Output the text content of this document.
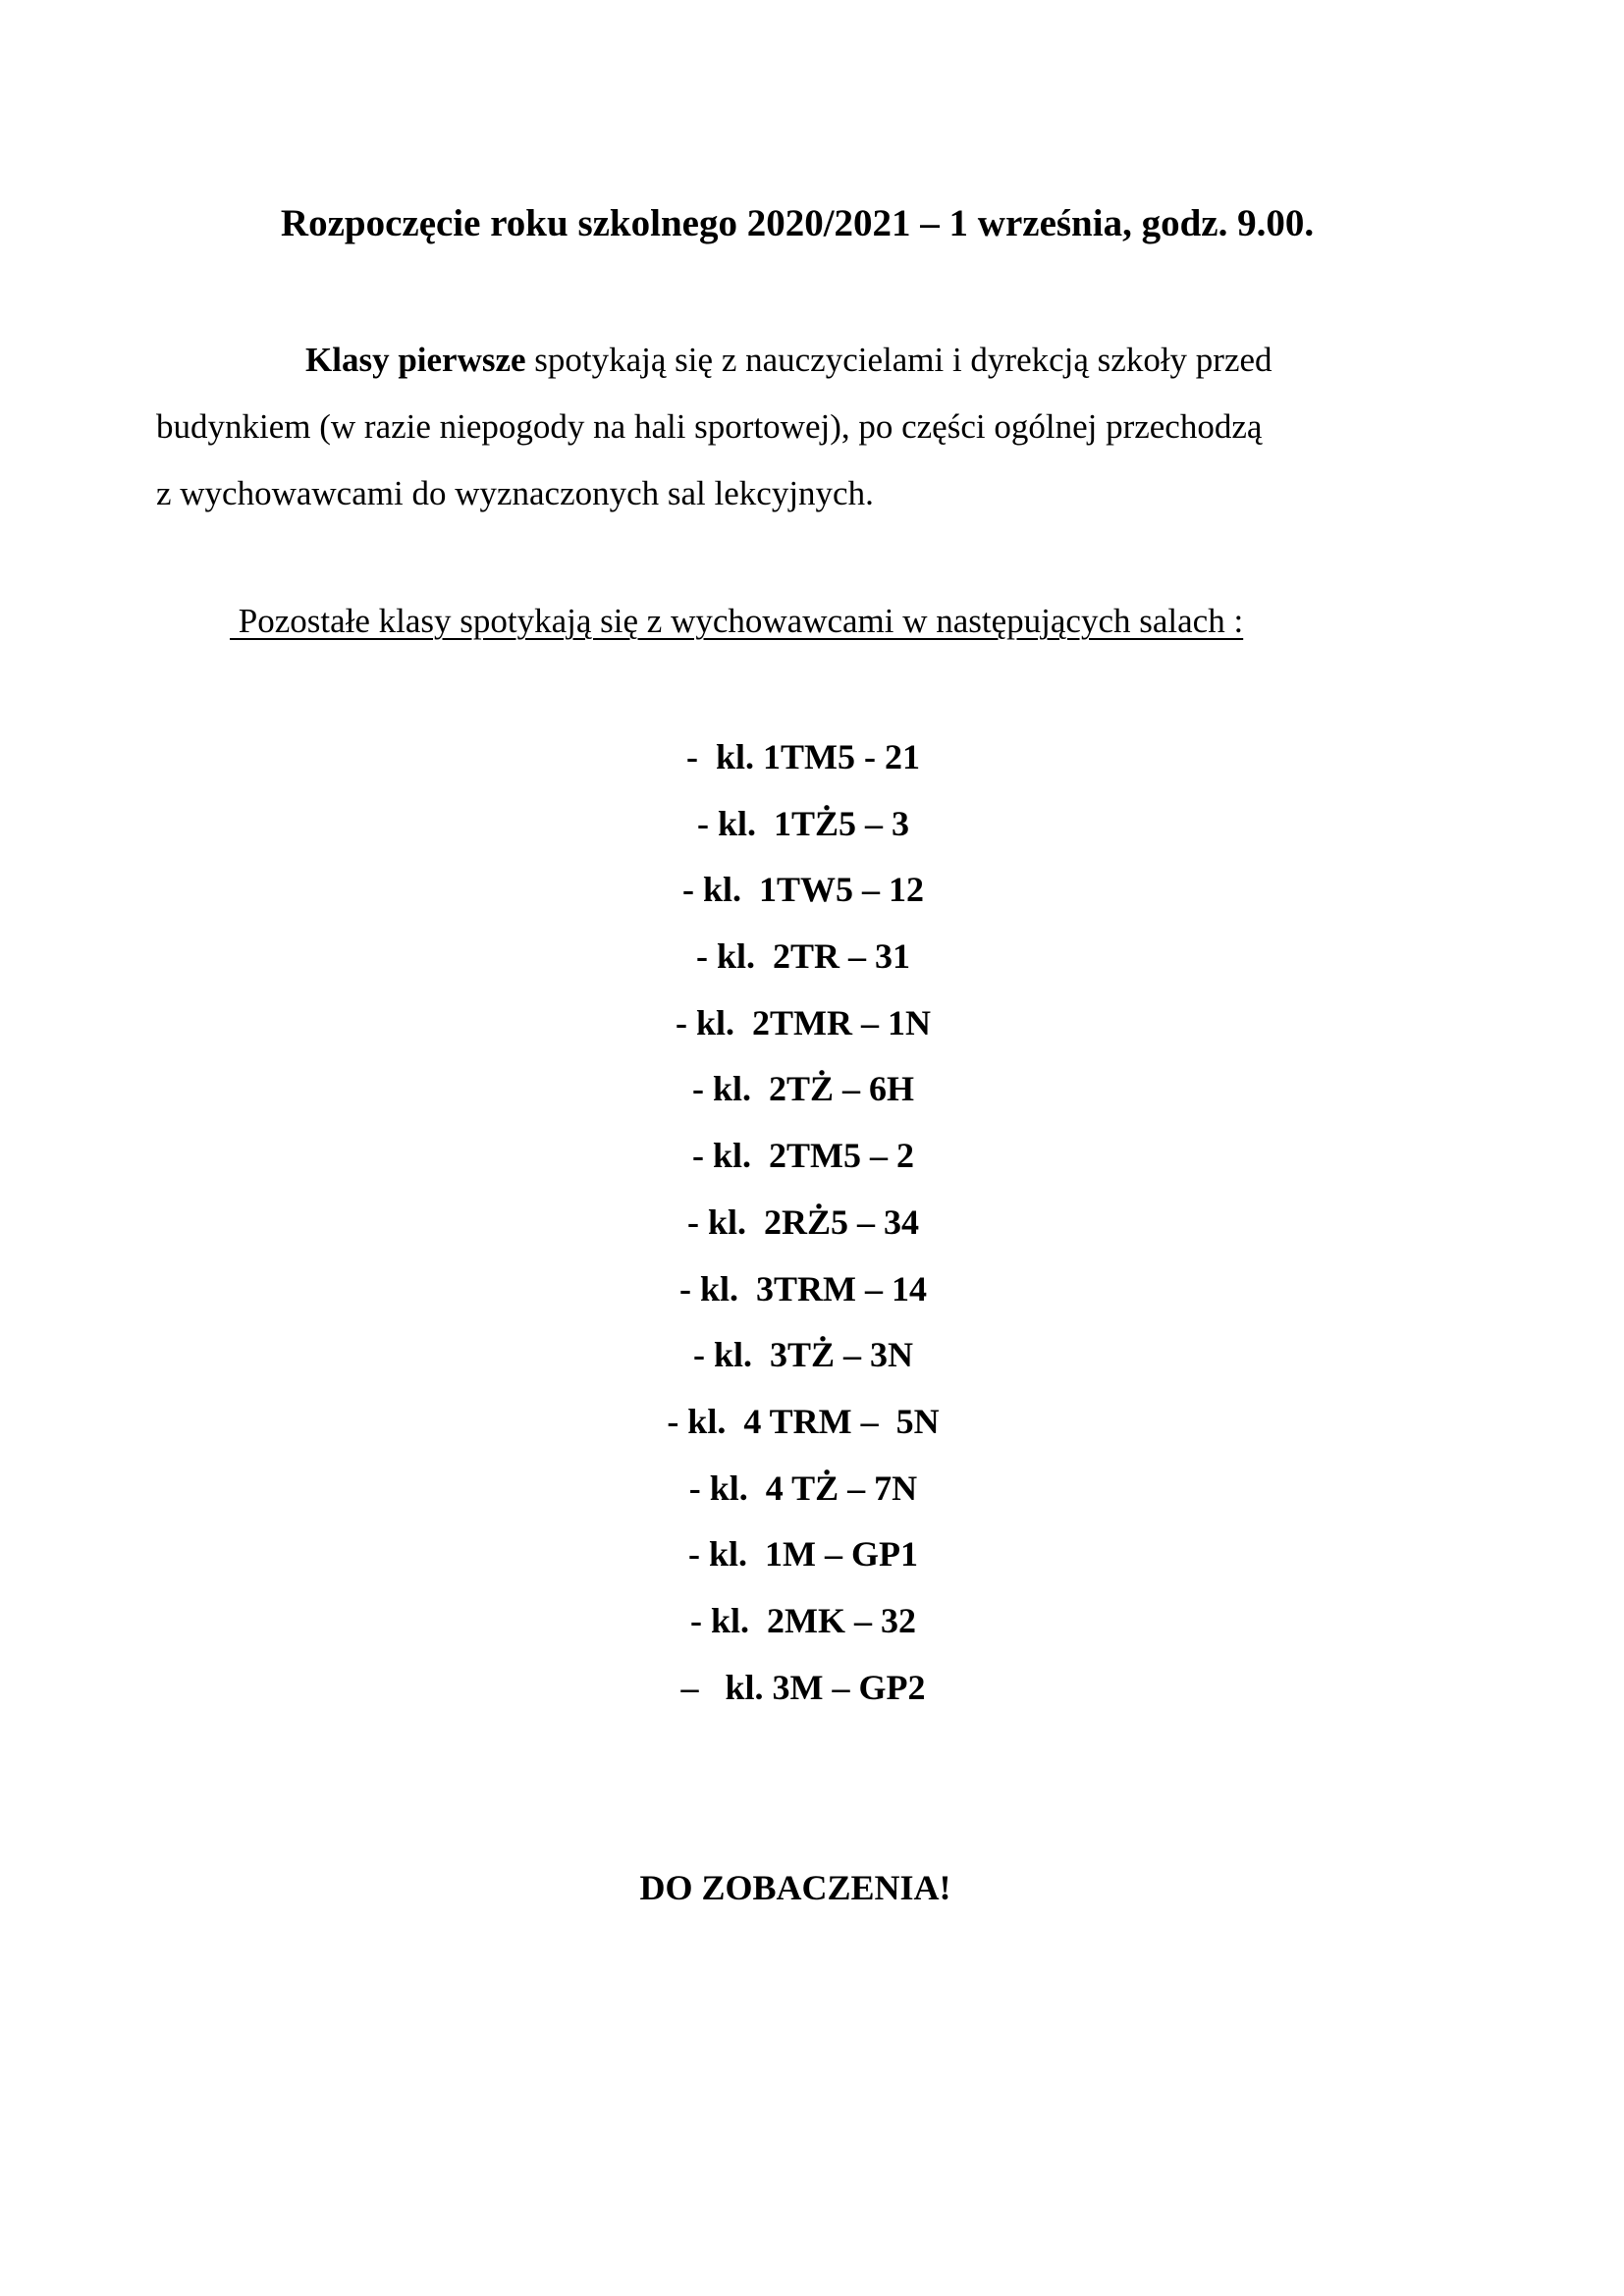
Rozpoczęcie roku szkolnego 2020/2021 – 1 września, godz. 9.00.
Klasy pierwsze spotykają się z nauczycielami i dyrekcją szkoły przed
budynkiem (w razie niepogody na hali sportowej), po części ogólnej przechodzą
z wychowawcami do wyznaczonych sal lekcyjnych.
Pozostałe klasy spotykają się z wychowawcami w następujących salach :
-  kl. 1TM5 - 21
- kl.  1TŻ5 – 3
- kl.  1TW5 – 12
- kl.  2TR – 31
- kl.  2TMR – 1N
- kl.  2TŻ – 6H
- kl.  2TM5 – 2
- kl.  2RŻ5 – 34
- kl.  3TRM – 14
- kl.  3TŻ – 3N
- kl.  4 TRM –  5N
- kl.  4 TŻ – 7N
- kl.  1M – GP1
- kl.  2MK – 32
–   kl. 3M – GP2
DO ZOBACZENIA!
